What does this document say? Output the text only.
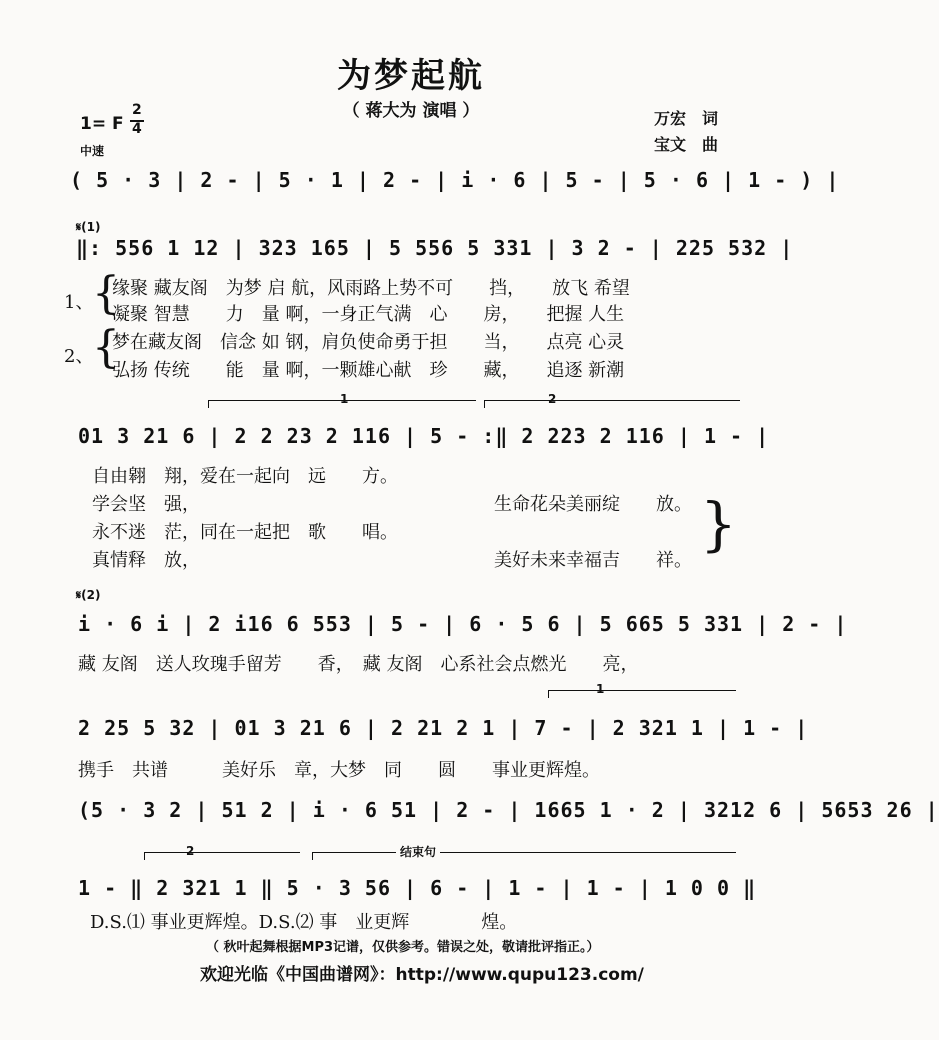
为梦起航
（ 蒋大为 演唱 ）
1= F
2
4
中速
万宏　词
宝文　曲
( 5 · 3 | 2 - | 5 · 1 | 2 - | i · 6 | 5 - | 5 · 6 | 1 - ) |
𝄋(1)
‖: 556 1 12 | 323 165 | 5 556 5 331 | 3 2 - | 225 532 |
1、
{
缘聚 藏友阁　为梦 启 航，风雨路上势不可　　挡，　　放飞 希望
凝聚 智慧　　力　量 啊，一身正气满　心　　房，　　把握 人生
2、
{
梦在藏友阁　信念 如 钢，肩负使命勇于担　　当，　　点亮 心灵
弘扬 传统　　能　量 啊，一颗雄心献　珍　　藏，　　追逐 新潮
1	2
01 3 21 6 | 2 2 23 2 116 | 5 - :‖ 2 223 2 116 | 1 - |
自由翱　翔，爱在一起向　远　　方。
学会坚　强，
永不迷　茫，同在一起把　歌　　唱。
真情释　放，
生命花朵美丽绽　　放。
美好未来幸福吉　　祥。
}
𝄋(2)
i · 6 i | 2 i16 6 553 | 5 - | 6 · 5 6 | 5 665 5 331 | 2 - |
藏 友阁　送人玫瑰手留芳　　香，　藏 友阁　心系社会点燃光　　亮，
1
2 25 5 32 | 01 3 21 6 | 2 21 2 1 | 7 - | 2 321 1 | 1 - |
携手　共谱　　　美好乐　章，大梦　同　　圆　　事业更辉煌。
(5 · 3 2 | 51 2 | i · 6 51 | 2 - | 1665 1 · 2 | 3212 6 | 5653 26 |
2	结束句
1 - ‖ 2 321 1 ‖ 5 · 3 56 | 6 - | 1 - | 1 - | 1 0 0 ‖
D.S.⑴ 事业更辉煌。D.S.⑵ 事　业更辉　　　　煌。
（ 秋叶起舞根据MP3记谱，仅供参考。错误之处，敬请批评指正。）
欢迎光临《中国曲谱网》：http://www.qupu123.com/
